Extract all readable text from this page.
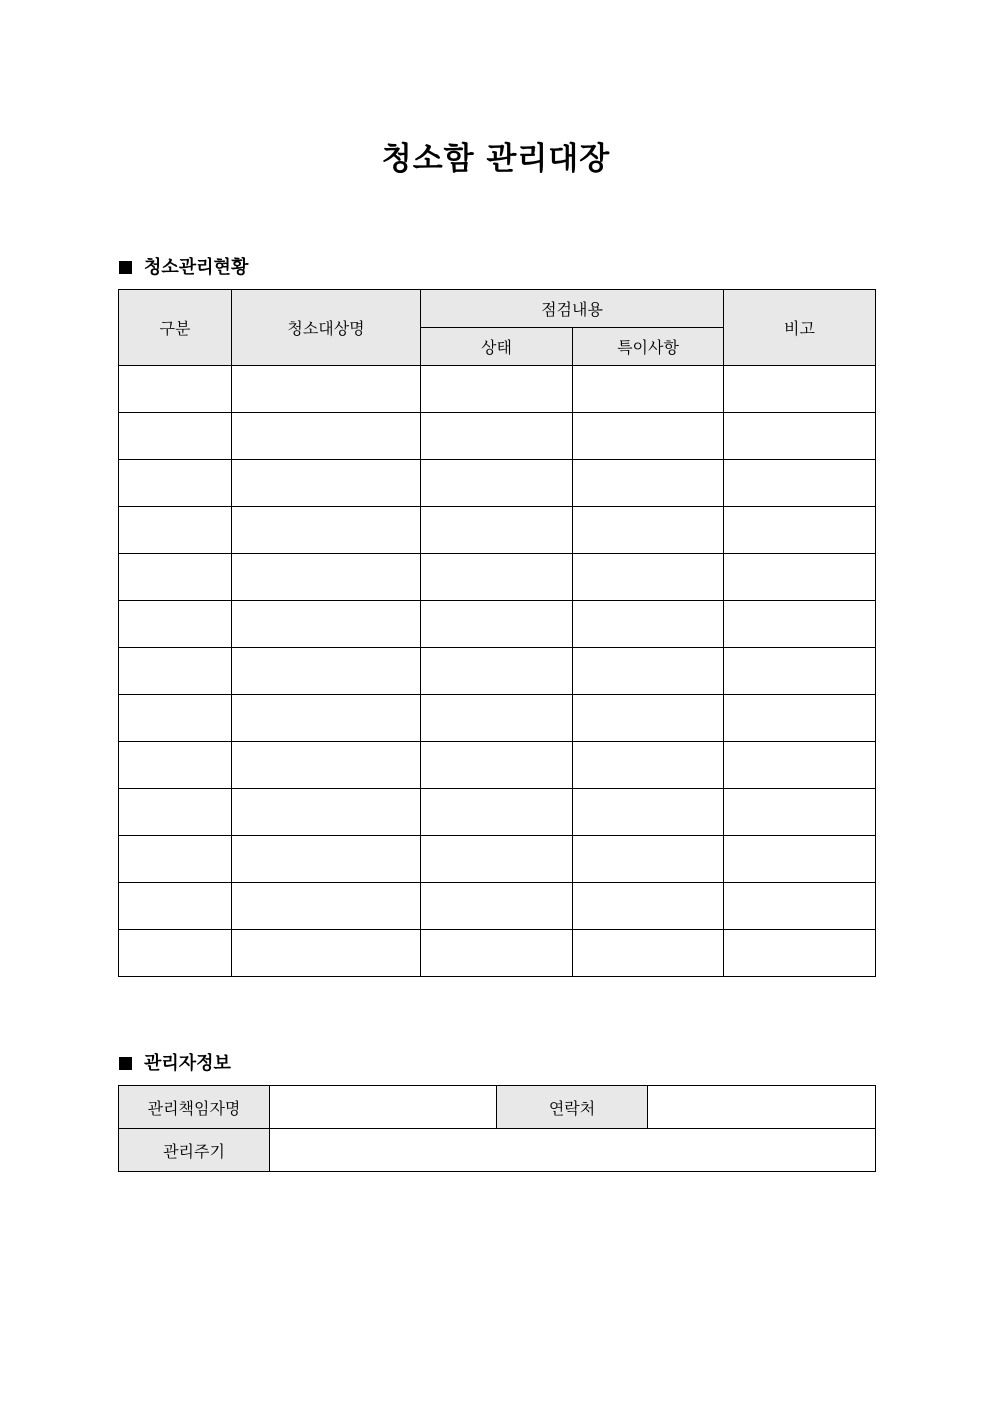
청소함 관리대장
청소관리현황
구분	청소대상명	점검내용		비고
		상태	특이사항	

관리자정보
관리책임자명		연락처	
관리주기			
